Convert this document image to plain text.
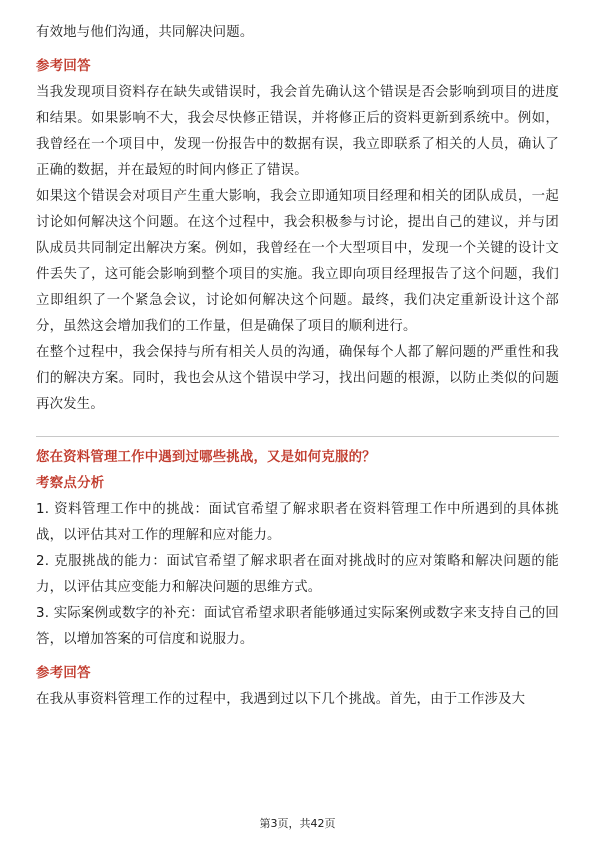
有效地与他们沟通，共同解决问题。

参考回答

当我发现项目资料存在缺失或错误时，我会首先确认这个错误是否会影响到项目的进度和结果。如果影响不大，我会尽快修正错误，并将修正后的资料更新到系统中。例如，我曾经在一个项目中，发现一份报告中的数据有误，我立即联系了相关的人员，确认了正确的数据，并在最短的时间内修正了错误。

如果这个错误会对项目产生重大影响，我会立即通知项目经理和相关的团队成员，一起讨论如何解决这个问题。在这个过程中，我会积极参与讨论，提出自己的建议，并与团队成员共同制定出解决方案。例如，我曾经在一个大型项目中，发现一个关键的设计文件丢失了，这可能会影响到整个项目的实施。我立即向项目经理报告了这个问题，我们立即组织了一个紧急会议，讨论如何解决这个问题。最终，我们决定重新设计这个部分，虽然这会增加我们的工作量，但是确保了项目的顺利进行。

在整个过程中，我会保持与所有相关人员的沟通，确保每个人都了解问题的严重性和我们的解决方案。同时，我也会从这个错误中学习，找出问题的根源，以防止类似的问题再次发生。

您在资料管理工作中遇到过哪些挑战，又是如何克服的？
考察点分析

1. 资料管理工作中的挑战：面试官希望了解求职者在资料管理工作中所遇到的具体挑战，以评估其对工作的理解和应对能力。

2. 克服挑战的能力：面试官希望了解求职者在面对挑战时的应对策略和解决问题的能力，以评估其应变能力和解决问题的思维方式。

3. 实际案例或数字的补充：面试官希望求职者能够通过实际案例或数字来支持自己的回答，以增加答案的可信度和说服力。

参考回答

在我从事资料管理工作的过程中，我遇到过以下几个挑战。首先，由于工作涉及大

第3页，共42页
